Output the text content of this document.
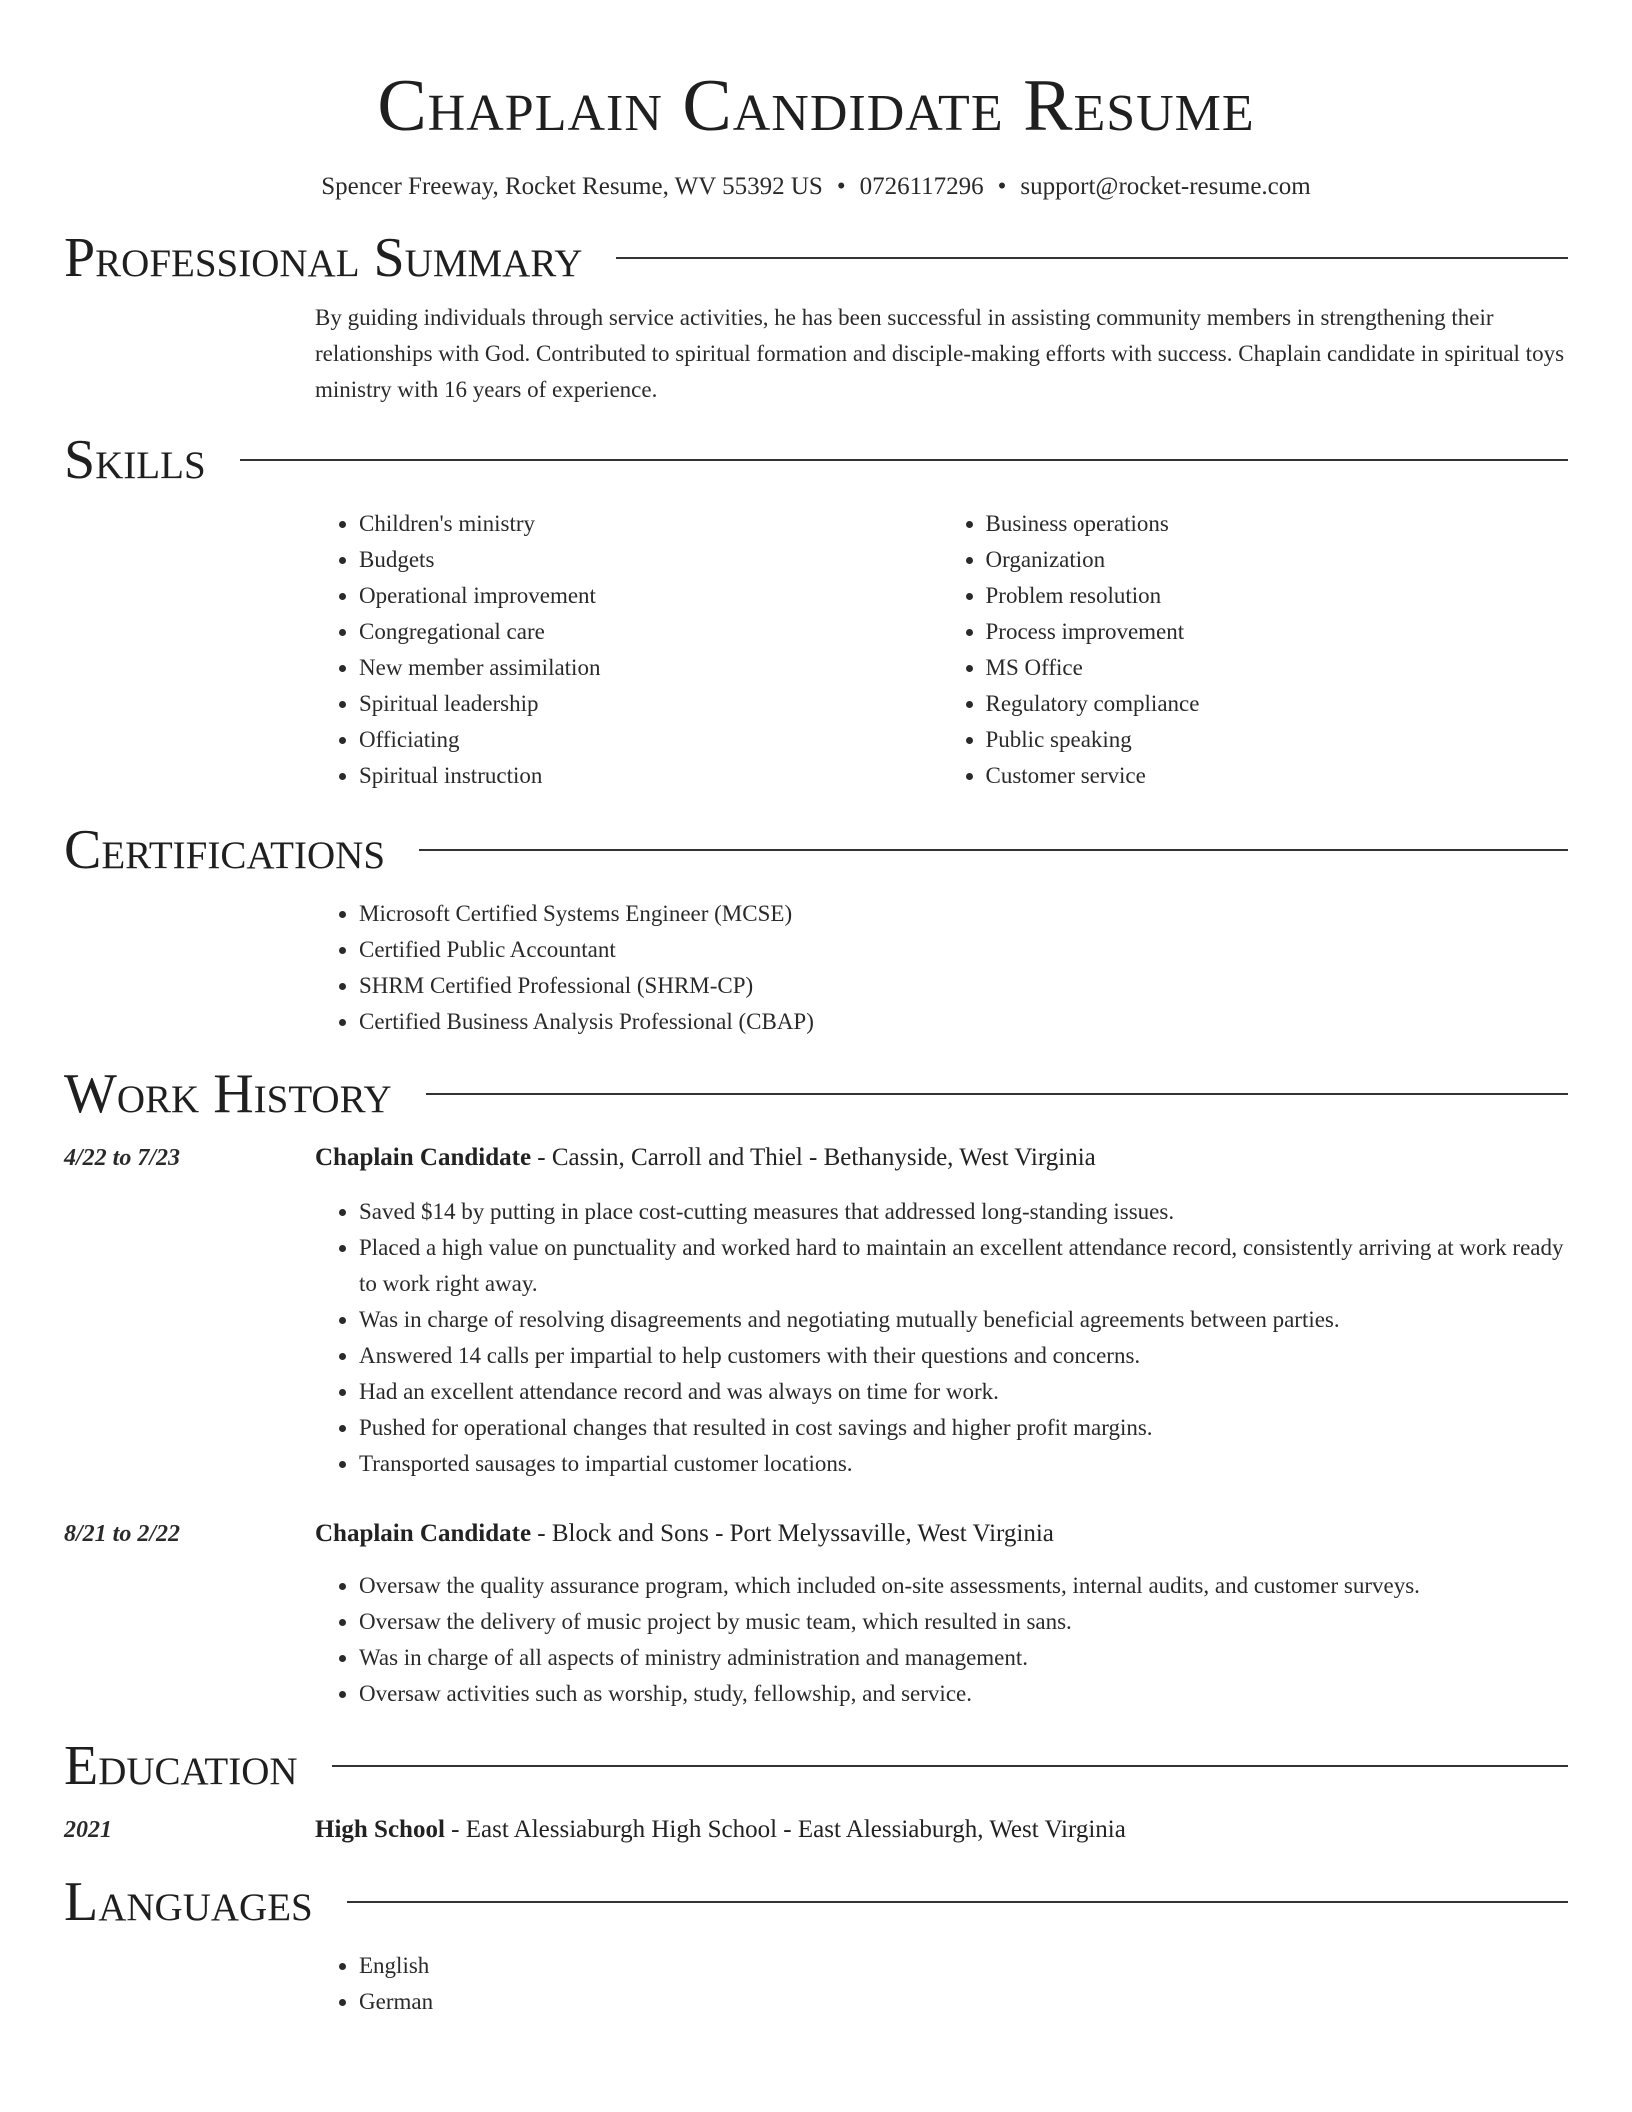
Chaplain Candidate Resume
Spencer Freeway, Rocket Resume, WV 55392 US • 0726117296 • support@rocket-resume.com
Professional Summary
By guiding individuals through service activities, he has been successful in assisting community members in strengthening their relationships with God. Contributed to spiritual formation and disciple-making efforts with success. Chaplain candidate in spiritual toys ministry with 16 years of experience.
Skills
• Children's ministry
• Budgets
• Operational improvement
• Congregational care
• New member assimilation
• Spiritual leadership
• Officiating
• Spiritual instruction
• Business operations
• Organization
• Problem resolution
• Process improvement
• MS Office
• Regulatory compliance
• Public speaking
• Customer service
Certifications
• Microsoft Certified Systems Engineer (MCSE)
• Certified Public Accountant
• SHRM Certified Professional (SHRM-CP)
• Certified Business Analysis Professional (CBAP)
Work History
4/22 to 7/23	Chaplain Candidate - Cassin, Carroll and Thiel - Bethanyside, West Virginia
• Saved $14 by putting in place cost-cutting measures that addressed long-standing issues.
• Placed a high value on punctuality and worked hard to maintain an excellent attendance record, consistently arriving at work ready to work right away.
• Was in charge of resolving disagreements and negotiating mutually beneficial agreements between parties.
• Answered 14 calls per impartial to help customers with their questions and concerns.
• Had an excellent attendance record and was always on time for work.
• Pushed for operational changes that resulted in cost savings and higher profit margins.
• Transported sausages to impartial customer locations.
8/21 to 2/22	Chaplain Candidate - Block and Sons - Port Melyssaville, West Virginia
• Oversaw the quality assurance program, which included on-site assessments, internal audits, and customer surveys.
• Oversaw the delivery of music project by music team, which resulted in sans.
• Was in charge of all aspects of ministry administration and management.
• Oversaw activities such as worship, study, fellowship, and service.
Education
2021	High School - East Alessiaburgh High School - East Alessiaburgh, West Virginia
Languages
• English
• German
